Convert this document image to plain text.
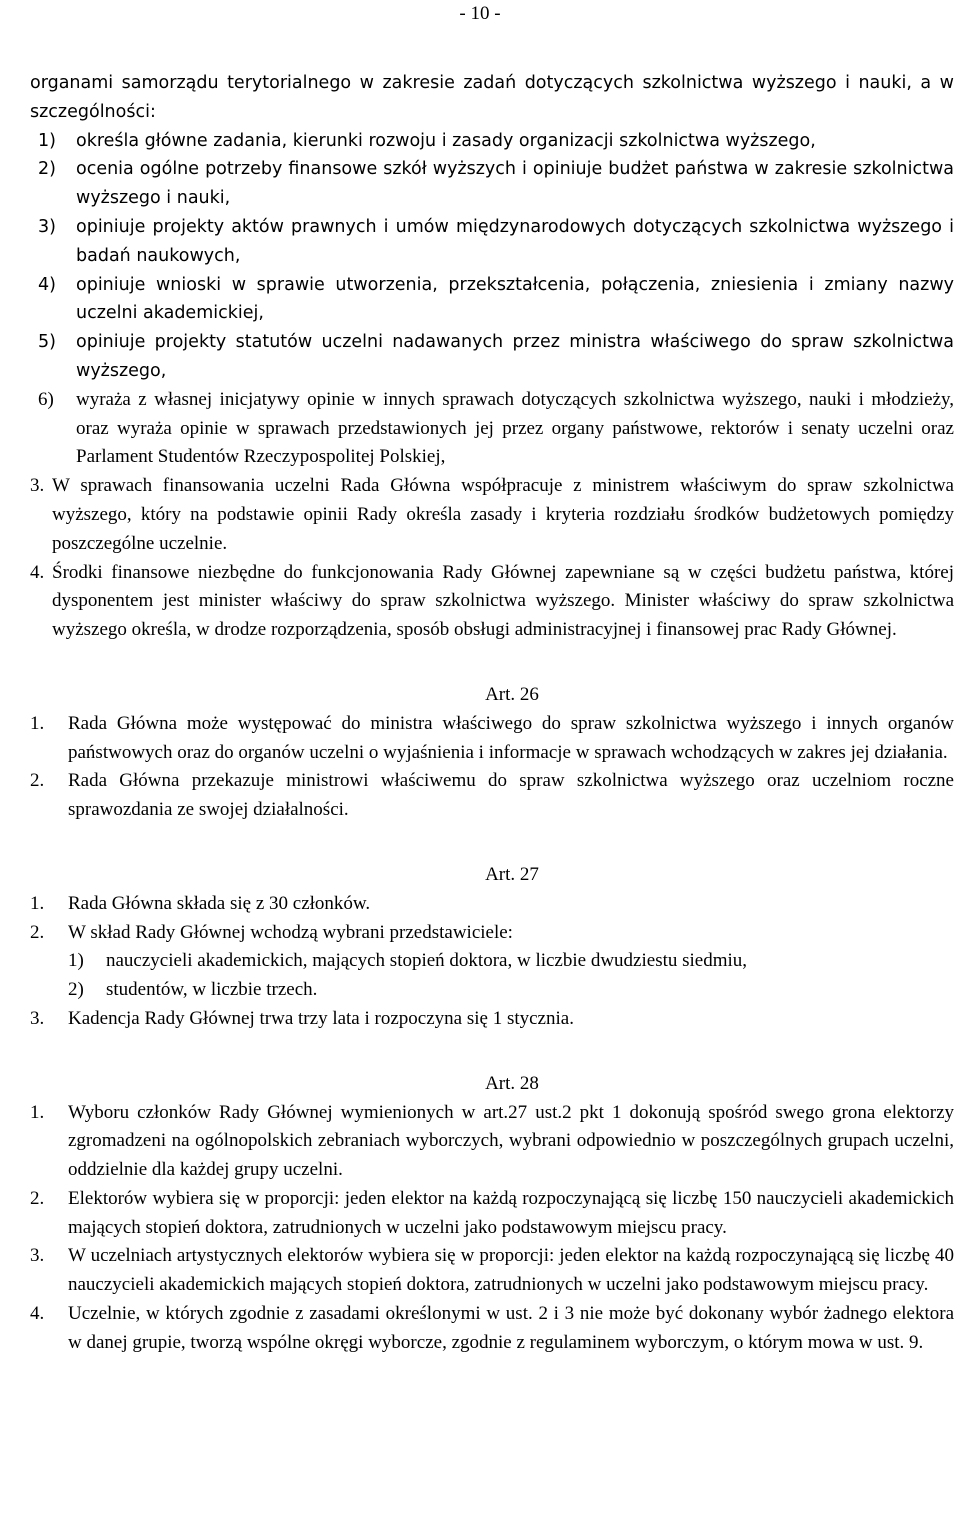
- 10 -
organami samorządu terytorialnego w zakresie zadań dotyczących szkolnictwa wyższego i nauki, a w szczególności:
1)	określa główne zadania, kierunki rozwoju i zasady organizacji szkolnictwa wyższego,
2)	ocenia ogólne potrzeby finansowe szkół wyższych i opiniuje budżet państwa w zakresie szkolnictwa wyższego i nauki,
3)	opiniuje projekty aktów prawnych i umów międzynarodowych dotyczących szkolnictwa wyższego i badań naukowych,
4)	opiniuje wnioski w sprawie utworzenia, przekształcenia, połączenia, zniesienia i zmiany nazwy uczelni akademickiej,
5)	opiniuje projekty statutów uczelni nadawanych przez ministra właściwego do spraw szkolnictwa wyższego,
6)	wyraża z własnej inicjatywy opinie w innych sprawach dotyczących szkolnictwa wyższego, nauki i młodzieży, oraz wyraża opinie w sprawach przedstawionych jej przez organy państwowe, rektorów i senaty uczelni oraz Parlament Studentów Rzeczypospolitej Polskiej,
3. W sprawach finansowania uczelni Rada Główna współpracuje z ministrem właściwym do spraw szkolnictwa wyższego, który na podstawie opinii Rady określa zasady i kryteria rozdziału środków budżetowych pomiędzy poszczególne uczelnie.
4. Środki finansowe niezbędne do funkcjonowania Rady Głównej zapewniane są w części budżetu państwa, której dysponentem jest minister właściwy do spraw szkolnictwa wyższego. Minister właściwy do spraw szkolnictwa wyższego określa, w drodze rozporządzenia, sposób obsługi administracyjnej i finansowej prac Rady Głównej.
Art. 26
1.	Rada Główna może występować do ministra właściwego do spraw szkolnictwa wyższego i innych organów państwowych oraz do organów uczelni o wyjaśnienia i informacje w sprawach wchodzących w zakres jej działania.
2.	Rada Główna przekazuje ministrowi właściwemu do spraw szkolnictwa wyższego oraz uczelniom roczne sprawozdania ze swojej działalności.
Art. 27
1.	Rada Główna składa się z 30 członków.
2.	W skład Rady Głównej wchodzą wybrani przedstawiciele:
1)	nauczycieli akademickich, mających stopień doktora, w liczbie dwudziestu siedmiu,
2)	studentów, w liczbie trzech.
3.	Kadencja Rady Głównej trwa trzy lata i rozpoczyna się 1 stycznia.
Art. 28
1.	Wyboru członków Rady Głównej wymienionych w art.27 ust.2 pkt 1 dokonują spośród swego grona elektorzy zgromadzeni na ogólnopolskich zebraniach wyborczych, wybrani odpowiednio w poszczególnych grupach uczelni, oddzielnie dla każdej grupy uczelni.
2.	Elektorów wybiera się w proporcji: jeden elektor na każdą rozpoczynającą się liczbę 150 nauczycieli akademickich mających stopień doktora, zatrudnionych w uczelni jako podstawowym miejscu pracy.
3.	W uczelniach artystycznych elektorów wybiera się w proporcji: jeden elektor na każdą rozpoczynającą się liczbę 40 nauczycieli akademickich mających stopień doktora, zatrudnionych w uczelni jako podstawowym miejscu pracy.
4.	Uczelnie, w których zgodnie z zasadami określonymi w ust. 2 i 3 nie może być dokonany wybór żadnego elektora w danej grupie, tworzą wspólne okręgi wyborcze, zgodnie z regulaminem wyborczym, o którym mowa w ust. 9.
